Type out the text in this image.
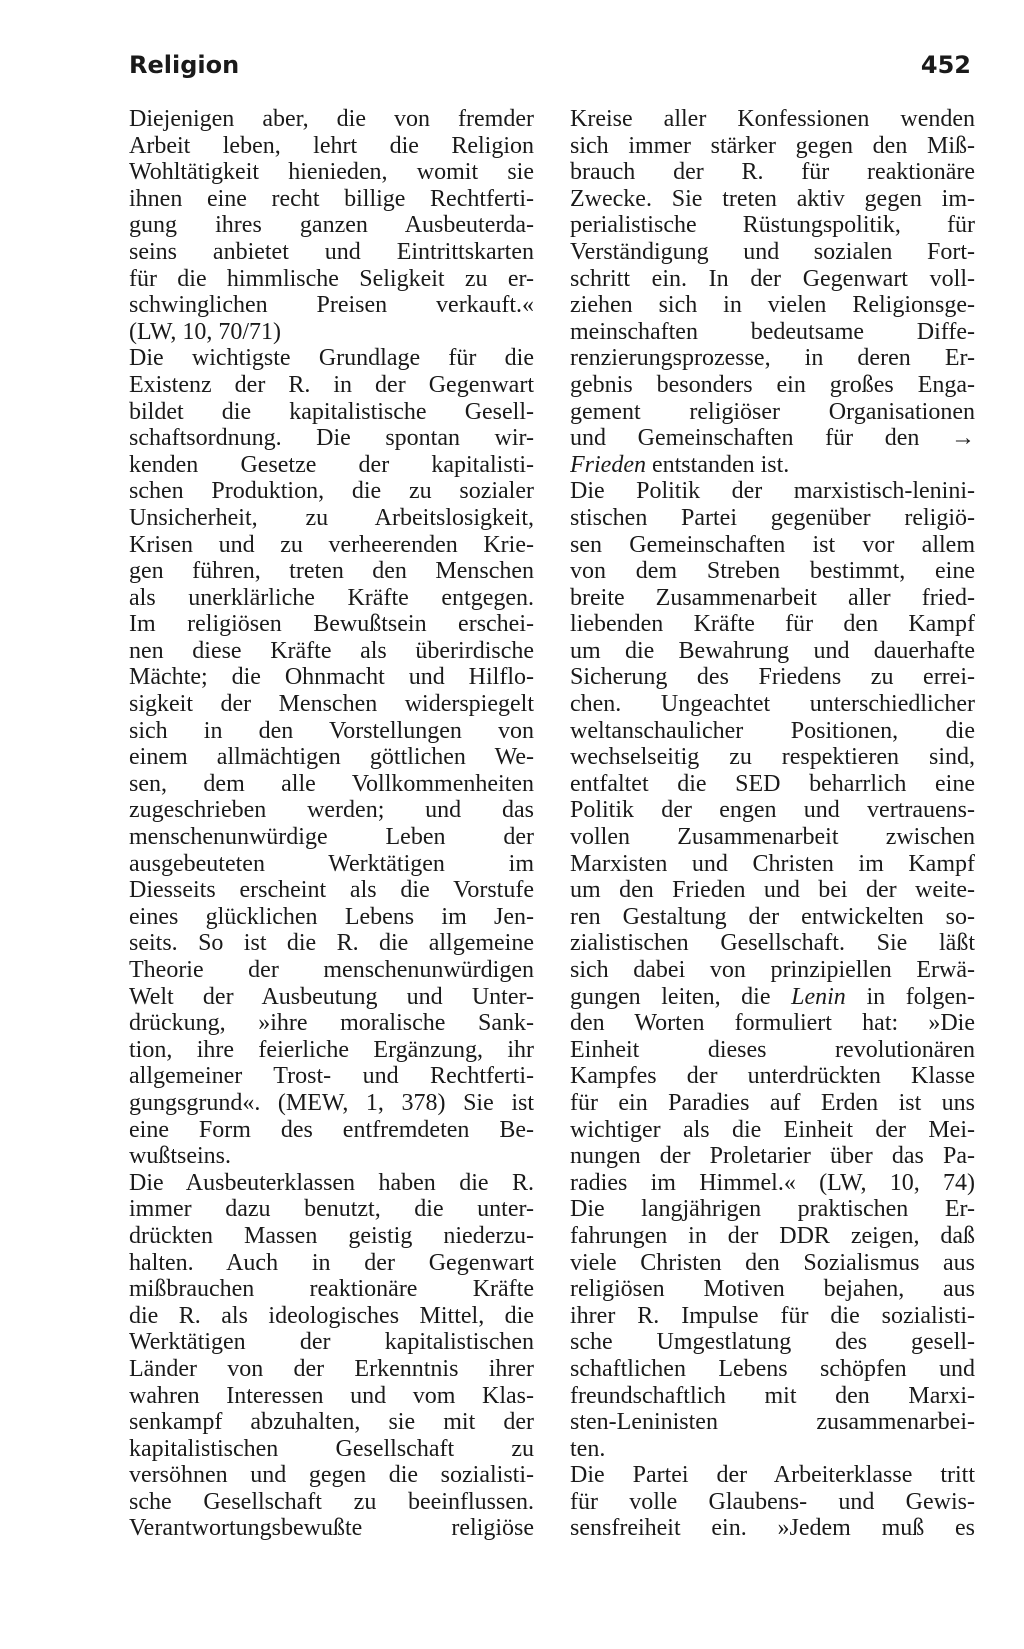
Religion	452
Diejenigen aber, die von fremder
Arbeit leben, lehrt die Religion
Wohltätigkeit hienieden, womit sie
ihnen eine recht billige Rechtferti-
gung ihres ganzen Ausbeuterda-
seins anbietet und Eintrittskarten
für die himmlische Seligkeit zu er-
schwinglichen Preisen verkauft.«
(LW, 10, 70/71)
Die wichtigste Grundlage für die
Existenz der R. in der Gegenwart
bildet die kapitalistische Gesell-
schaftsordnung. Die spontan wir-
kenden Gesetze der kapitalisti-
schen Produktion, die zu sozialer
Unsicherheit, zu Arbeitslosigkeit,
Krisen und zu verheerenden Krie-
gen führen, treten den Menschen
als unerklärliche Kräfte entgegen.
Im religiösen Bewußtsein erschei-
nen diese Kräfte als überirdische
Mächte; die Ohnmacht und Hilflo-
sigkeit der Menschen widerspiegelt
sich in den Vorstellungen von
einem allmächtigen göttlichen We-
sen, dem alle Vollkommenheiten
zugeschrieben werden; und das
menschenunwürdige Leben der
ausgebeuteten Werktätigen im
Diesseits erscheint als die Vorstufe
eines glücklichen Lebens im Jen-
seits. So ist die R. die allgemeine
Theorie der menschenunwürdigen
Welt der Ausbeutung und Unter-
drückung, »ihre moralische Sank-
tion, ihre feierliche Ergänzung, ihr
allgemeiner Trost- und Rechtferti-
gungsgrund«. (MEW, 1, 378) Sie ist
eine Form des entfremdeten Be-
wußtseins.
Die Ausbeuterklassen haben die R.
immer dazu benutzt, die unter-
drückten Massen geistig niederzu-
halten. Auch in der Gegenwart
mißbrauchen reaktionäre Kräfte
die R. als ideologisches Mittel, die
Werktätigen der kapitalistischen
Länder von der Erkenntnis ihrer
wahren Interessen und vom Klas-
senkampf abzuhalten, sie mit der
kapitalistischen Gesellschaft zu
versöhnen und gegen die sozialisti-
sche Gesellschaft zu beeinflussen.
Verantwortungsbewußte religiöse
Kreise aller Konfessionen wenden
sich immer stärker gegen den Miß-
brauch der R. für reaktionäre
Zwecke. Sie treten aktiv gegen im-
perialistische Rüstungspolitik, für
Verständigung und sozialen Fort-
schritt ein. In der Gegenwart voll-
ziehen sich in vielen Religionsge-
meinschaften bedeutsame Diffe-
renzierungsprozesse, in deren Er-
gebnis besonders ein großes Enga-
gement religiöser Organisationen
und Gemeinschaften für den →
Frieden entstanden ist.
Die Politik der marxistisch-lenini-
stischen Partei gegenüber religiö-
sen Gemeinschaften ist vor allem
von dem Streben bestimmt, eine
breite Zusammenarbeit aller fried-
liebenden Kräfte für den Kampf
um die Bewahrung und dauerhafte
Sicherung des Friedens zu errei-
chen. Ungeachtet unterschiedlicher
weltanschaulicher Positionen, die
wechselseitig zu respektieren sind,
entfaltet die SED beharrlich eine
Politik der engen und vertrauens-
vollen Zusammenarbeit zwischen
Marxisten und Christen im Kampf
um den Frieden und bei der weite-
ren Gestaltung der entwickelten so-
zialistischen Gesellschaft. Sie läßt
sich dabei von prinzipiellen Erwä-
gungen leiten, die Lenin in folgen-
den Worten formuliert hat: »Die
Einheit dieses revolutionären
Kampfes der unterdrückten Klasse
für ein Paradies auf Erden ist uns
wichtiger als die Einheit der Mei-
nungen der Proletarier über das Pa-
radies im Himmel.« (LW, 10, 74)
Die langjährigen praktischen Er-
fahrungen in der DDR zeigen, daß
viele Christen den Sozialismus aus
religiösen Motiven bejahen, aus
ihrer R. Impulse für die sozialisti-
sche Umgestlatung des gesell-
schaftlichen Lebens schöpfen und
freundschaftlich mit den Marxi-
sten-Leninisten zusammenarbei-
ten.
Die Partei der Arbeiterklasse tritt
für volle Glaubens- und Gewis-
sensfreiheit ein. »Jedem muß es
